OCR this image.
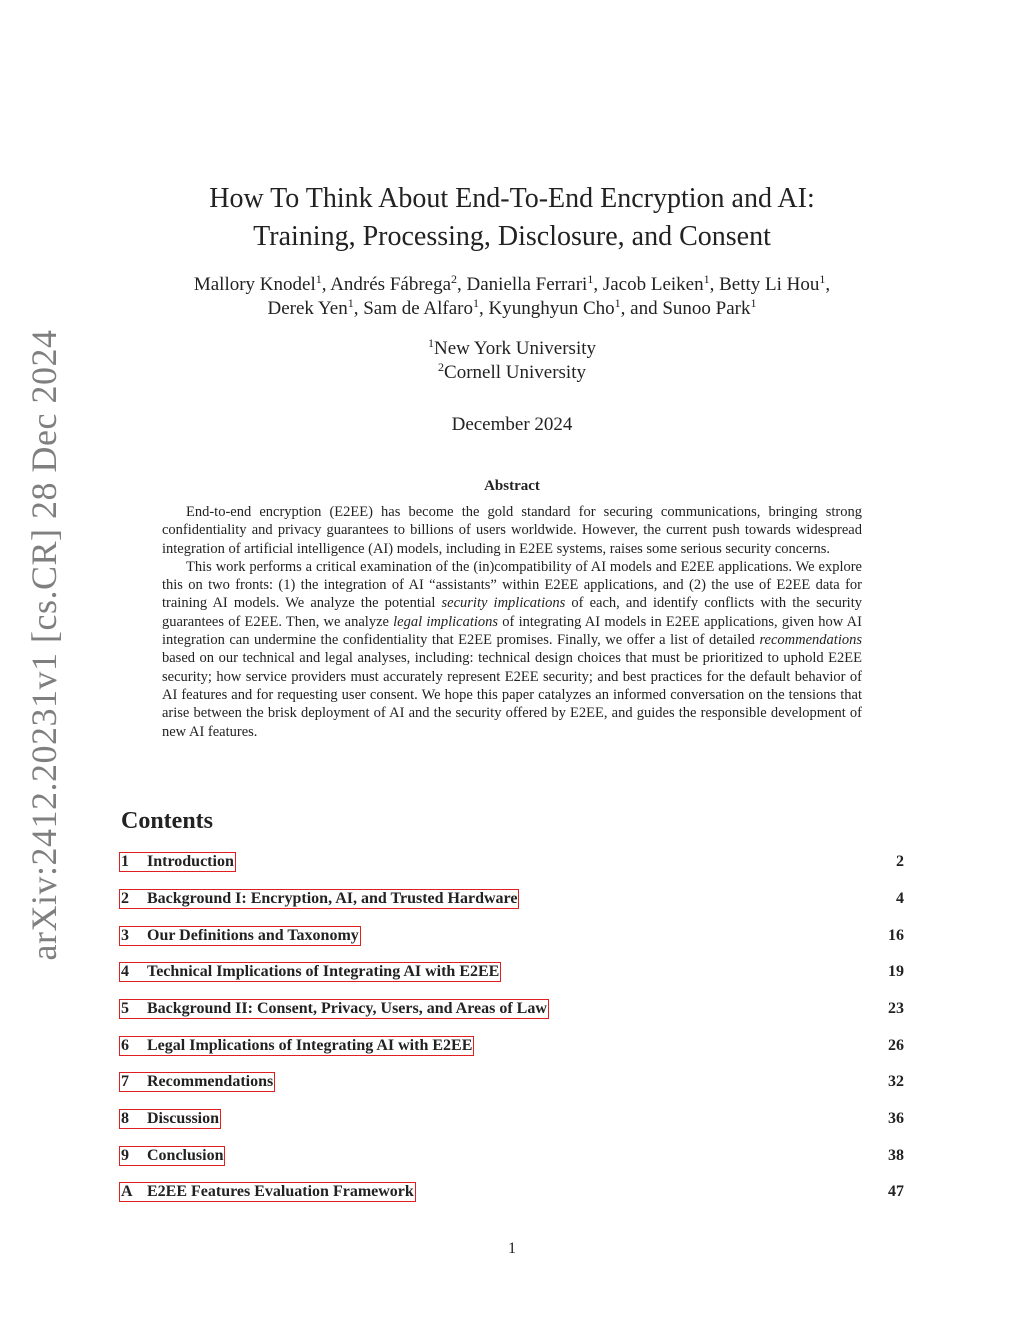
arXiv:2412.20231v1 [cs.CR] 28 Dec 2024
How To Think About End-To-End Encryption and AI:
Training, Processing, Disclosure, and Consent
Mallory Knodel$^1$, Andrés Fábrega$^2$, Daniella Ferrari$^1$, Jacob Leiken$^1$, Betty Li Hou$^1$,
Derek Yen$^1$, Sam de Alfaro$^1$, Kyunghyun Cho$^1$, and Sunoo Park$^1$
$^1$New York University
$^2$Cornell University
December 2024
Abstract

End-to-end encryption (E2EE) has become the gold standard for securing communications, bringing strong confidentiality and privacy guarantees to billions of users worldwide. However, the current push towards widespread integration of artificial intelligence (AI) models, including in E2EE systems, raises some serious security concerns.

This work performs a critical examination of the (in)compatibility of AI models and E2EE applications. We explore this on two fronts: (1) the integration of AI “assistants” within E2EE applications, and (2) the use of E2EE data for training AI models. We analyze the potential security implications of each, and identify conflicts with the security guarantees of E2EE. Then, we analyze legal implications of integrating AI models in E2EE applications, given how AI integration can undermine the confidentiality that E2EE promises. Finally, we offer a list of detailed recommendations based on our technical and legal analyses, including: technical design choices that must be prioritized to uphold E2EE security; how service providers must accurately represent E2EE security; and best practices for the default behavior of AI features and for requesting user consent. We hope this paper catalyzes an informed conversation on the tensions that arise between the brisk deployment of AI and the security offered by E2EE, and guides the responsible development of new AI features.

Contents
1 Introduction	2
2 Background I: Encryption, AI, and Trusted Hardware	4
3 Our Definitions and Taxonomy	16
4 Technical Implications of Integrating AI with E2EE	19
5 Background II: Consent, Privacy, Users, and Areas of Law	23
6 Legal Implications of Integrating AI with E2EE	26
7 Recommendations	32
8 Discussion	36
9 Conclusion	38
A E2EE Features Evaluation Framework	47
1
